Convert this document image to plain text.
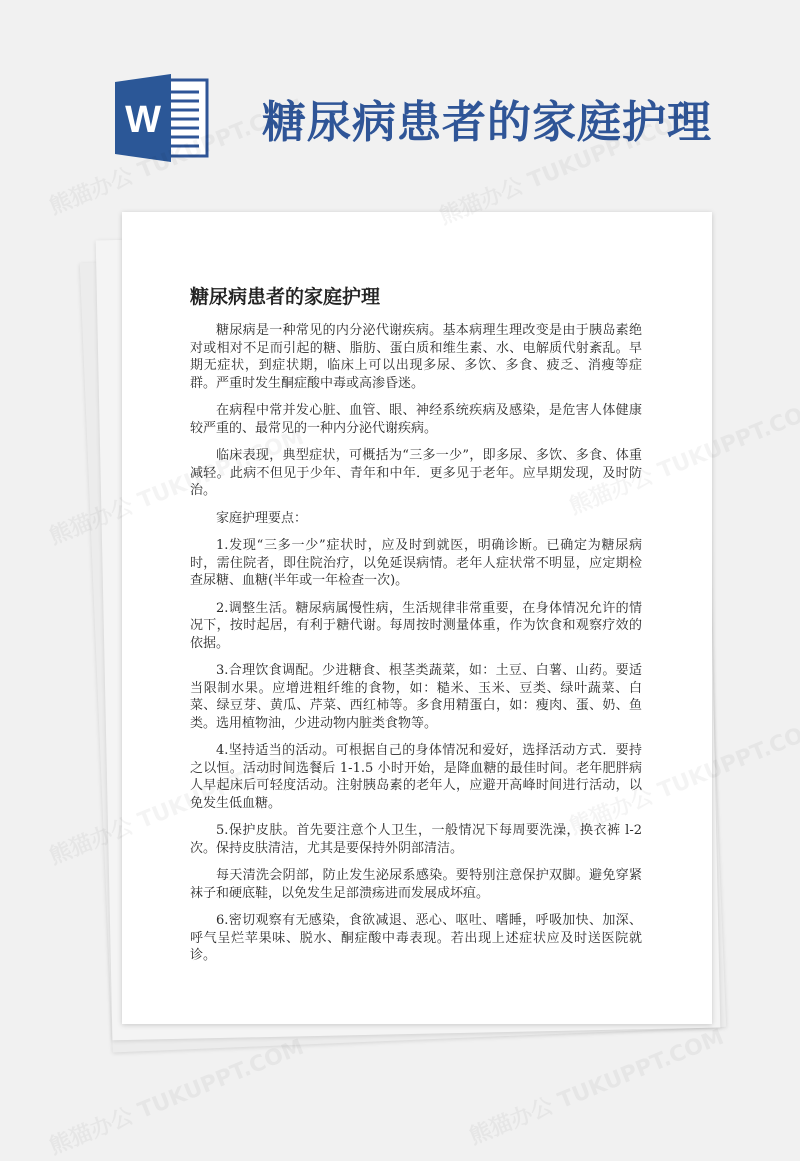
W 糖尿病患者的家庭护理
糖尿病患者的家庭护理

糖尿病是一种常见的内分泌代谢疾病。基本病理生理改变是由于胰岛素绝对或相对不足而引起的糖、脂肪、蛋白质和维生素、水、电解质代射紊乱。早期无症状，到症状期，临床上可以出现多尿、多饮、多食、疲乏、消瘦等症群。严重时发生酮症酸中毒或高渗昏迷。

在病程中常并发心脏、血管、眼、神经系统疾病及感染，是危害人体健康较严重的、最常见的一种内分泌代谢疾病。

临床表现，典型症状，可概括为“三多一少”，即多尿、多饮、多食、体重减轻。此病不但见于少年、青年和中年．更多见于老年。应早期发现，及时防治。

家庭护理要点：

1.发现“三多一少”症状时，应及时到就医，明确诊断。已确定为糖尿病时，需住院者，即住院治疗，以免延误病情。老年人症状常不明显，应定期检查尿糖、血糖(半年或一年检查一次)。

2.调整生活。糖尿病属慢性病，生活规律非常重要，在身体情况允许的情况下，按时起居，有利于糖代谢。每周按时测量体重，作为饮食和观察疗效的依据。

3.合理饮食调配。少进糖食、根茎类蔬菜，如：土豆、白薯、山药。要适当限制水果。应增进粗纤维的食物，如：糙米、玉米、豆类、绿叶蔬菜、白菜、绿豆芽、黄瓜、芹菜、西红柿等。多食用精蛋白，如：瘦肉、蛋、奶、鱼类。选用植物油，少进动物内脏类食物等。

4.坚持适当的活动。可根据自己的身体情况和爱好，选择活动方式．要持之以恒。活动时间选餐后 1-1.5 小时开始，是降血糖的最佳时间。老年肥胖病人早起床后可轻度活动。注射胰岛素的老年人，应避开高峰时间进行活动，以免发生低血糖。

5.保护皮肤。首先要注意个人卫生，一般情况下每周要洗澡，换衣裤 l-2 次。保持皮肤清洁，尤其是要保持外阴部清洁。

每天清洗会阴部，防止发生泌尿系感染。要特别注意保护双脚。避免穿紧袜子和硬底鞋，以免发生足部溃疡进而发展成坏疽。

6.密切观察有无感染，食欲减退、恶心、呕吐、嗜睡，呼吸加快、加深、呼气呈烂苹果味、脱水、酮症酸中毒表现。若出现上述症状应及时送医院就诊。
